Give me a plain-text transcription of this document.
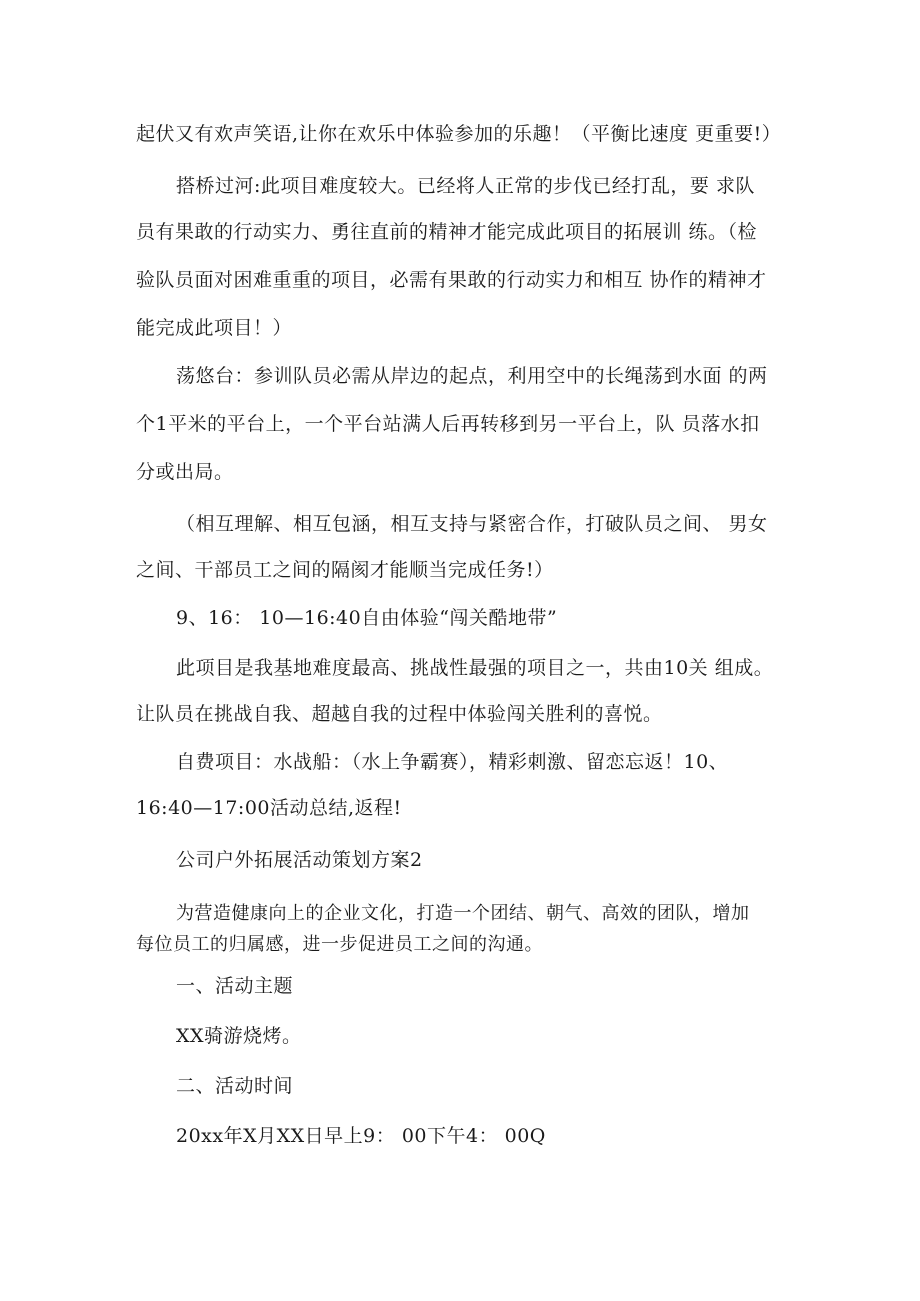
起伏又有欢声笑语,让你在欢乐中体验参加的乐趣！（平衡比速度 更重要!）
搭桥过河:此项目难度较大。已经将人正常的步伐已经打乱，要 求队
员有果敢的行动实力、勇往直前的精神才能完成此项目的拓展训 练。（检
验队员面对困难重重的项目，必需有果敢的行动实力和相互 协作的精神才
能完成此项目！）
荡悠台：参训队员必需从岸边的起点，利用空中的长绳荡到水面 的两
个1平米的平台上，一个平台站满人后再转移到另一平台上，队 员落水扣
分或出局。
（相互理解、相互包涵，相互支持与紧密合作，打破队员之间、 男女
之间、干部员工之间的隔阂才能顺当完成任务!）
9、16： 10—16:40自由体验“闯关酷地带”
此项目是我基地难度最高、挑战性最强的项目之一，共由10关 组成。
让队员在挑战自我、超越自我的过程中体验闯关胜利的喜悦。
自费项目：水战船：（水上争霸赛），精彩刺激、留恋忘返！10、
16:40—17:00活动总结,返程!
公司户外拓展活动策划方案2
为营造健康向上的企业文化，打造一个团结、朝气、高效的团队，增加
每位员工的归属感，进一步促进员工之间的沟通。
一、活动主题
XX骑游烧烤。
二、活动时间
20xx年X月XX日早上9： 00下午4： 00Q
